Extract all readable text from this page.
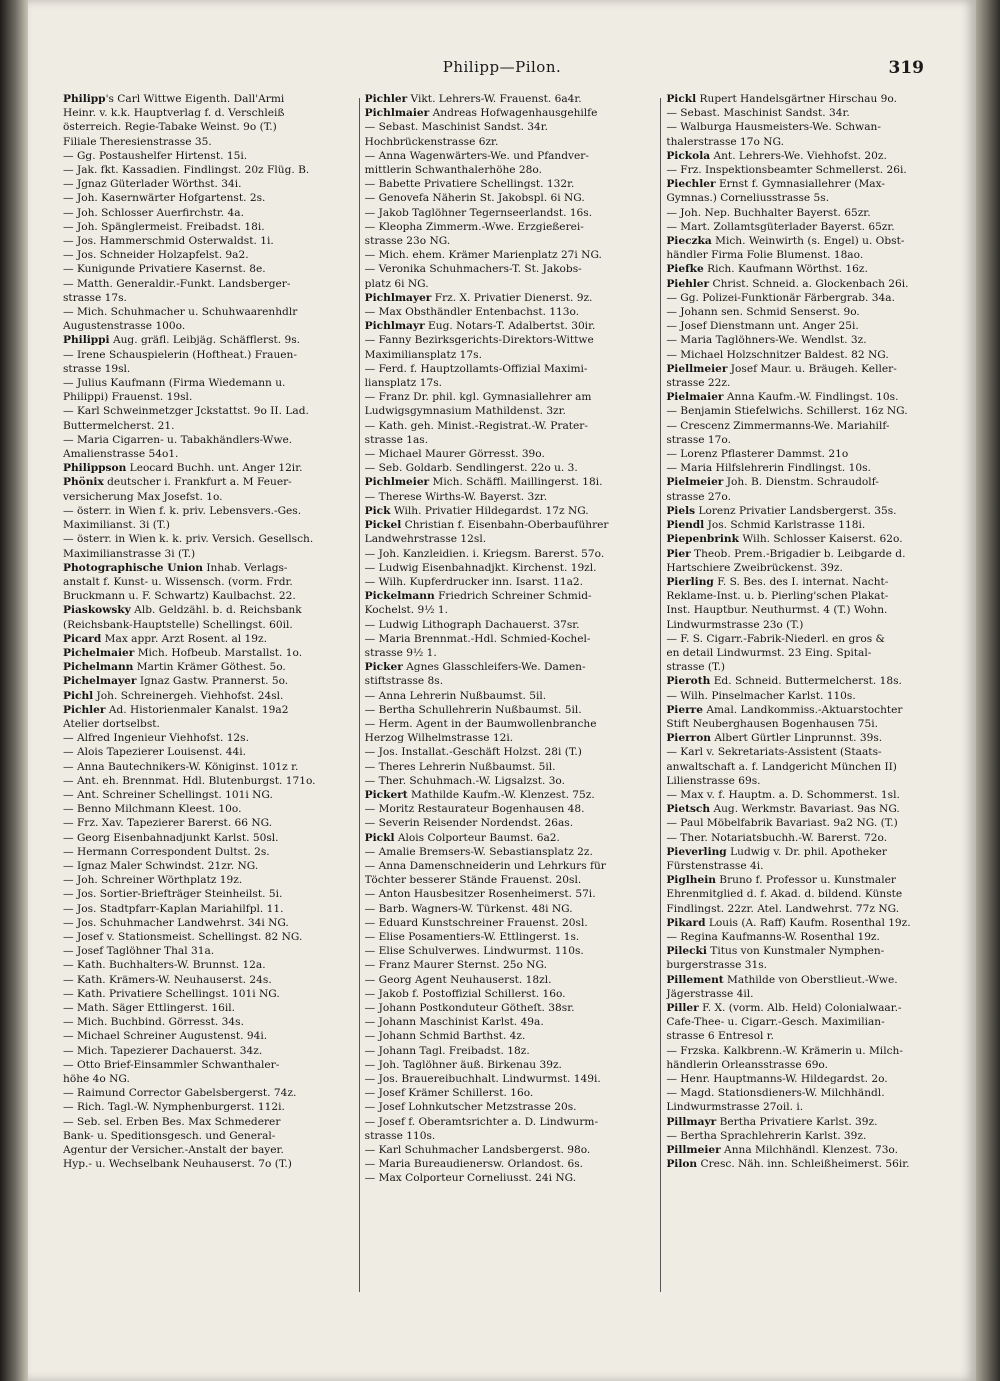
Philipp—Pilon.	319
Philipp's Carl Wittwe Eigenth. Dall'Armi
Heinr. v. k.k. Hauptverlag f. d. Verschleiß
österreich. Regie-Tabake Weinst. 9o (T.)
Filiale Theresienstrasse 35.
— Gg. Postaushelfer Hirtenst. 15i.
— Jak. fkt. Kassadien. Findlingst. 20z Flüg. B.
— Jgnaz Güterlader Wörthst. 34i.
— Joh. Kasernwärter Hofgartenst. 2s.
— Joh. Schlosser Auerfirchstr. 4a.
— Joh. Spänglermeist. Freibadst. 18i.
— Jos. Hammerschmid Osterwaldst. 1i.
— Jos. Schneider Holzapfelst. 9a2.
— Kunigunde Privatiere Kasernst. 8e.
— Matth. Generaldir.-Funkt. Landsberger-
strasse 17s.
— Mich. Schuhmacher u. Schuhwaarenhdlr
Augustenstrasse 100o.
Philippi Aug. gräfl. Leibjäg. Schäfflerst. 9s.
— Irene Schauspielerin (Hoftheat.) Frauen-
strasse 19sl.
— Julius Kaufmann (Firma Wiedemann u.
Philippi) Frauenst. 19sl.
— Karl Schweinmetzger Jckstattst. 9o II. Lad.
Buttermelcherst. 21.
— Maria Cigarren- u. Tabakhändlers-Wwe.
Amalienstrasse 54o1.
Philippson Leocard Buchh. unt. Anger 12ir.
Phönix deutscher i. Frankfurt a. M Feuer-
versicherung Max Josefst. 1o.
— österr. in Wien f. k. priv. Lebensvers.-Ges.
Maximilianst. 3i (T.)
— österr. in Wien k. k. priv. Versich. Gesellsch.
Maximilianstrasse 3i (T.)
Photographische Union Inhab. Verlags-
anstalt f. Kunst- u. Wissensch. (vorm. Frdr.
Bruckmann u. F. Schwartz) Kaulbachst. 22.
Piaskowsky Alb. Geldzähl. b. d. Reichsbank
(Reichsbank-Hauptstelle) Schellingst. 60il.
Picard Max appr. Arzt Rosent. al 19z.
Pichelmaier Mich. Hofbeub. Marstallst. 1o.
Pichelmann Martin Krämer Göthest. 5o.
Pichelmayer Ignaz Gastw. Prannerst. 5o.
Pichl Joh. Schreinergeh. Viehhofst. 24sl.
Pichler Ad. Historienmaler Kanalst. 19a2
Atelier dortselbst.
— Alfred Ingenieur Viehhofst. 12s.
— Alois Tapezierer Louisenst. 44i.
— Anna Bautechnikers-W. Königinst. 101z r.
— Ant. eh. Brennmat. Hdl. Blutenburgst. 171o.
— Ant. Schreiner Schellingst. 101i NG.
— Benno Milchmann Kleest. 10o.
— Frz. Xav. Tapezierer Barerst. 66 NG.
— Georg Eisenbahnadjunkt Karlst. 50sl.
— Hermann Correspondent Dultst. 2s.
— Ignaz Maler Schwindst. 21zr. NG.
— Joh. Schreiner Wörthplatz 19z.
— Jos. Sortier-Briefträger Steinheilst. 5i.
— Jos. Stadtpfarr-Kaplan Mariahilfpl. 11.
— Jos. Schuhmacher Landwehrst. 34i NG.
— Josef v. Stationsmeist. Schellingst. 82 NG.
— Josef Taglöhner Thal 31a.
— Kath. Buchhalters-W. Brunnst. 12a.
— Kath. Krämers-W. Neuhauserst. 24s.
— Kath. Privatiere Schellingst. 101i NG.
— Math. Säger Ettlingerst. 16il.
— Mich. Buchbind. Görresst. 34s.
— Michael Schreiner Augustenst. 94i.
— Mich. Tapezierer Dachauerst. 34z.
— Otto Brief-Einsammler Schwanthaler-
höhe 4o NG.
— Raimund Corrector Gabelsbergerst. 74z.
— Rich. Tagl.-W. Nymphenburgerst. 112i.
— Seb. sel. Erben Bes. Max Schmederer
Bank- u. Speditionsgesch. und General-
Agentur der Versicher.-Anstalt der bayer.
Hyp.- u. Wechselbank Neuhauserst. 7o (T.)
Pichler Vikt. Lehrers-W. Frauenst. 6a4r.
Pichlmaier Andreas Hofwagenhausgehilfe
— Sebast. Maschinist Sandst. 34r.
Hochbrückenstrasse 6zr.
— Anna Wagenwärters-We. und Pfandver-
mittlerin Schwanthalerhöhe 28o.
— Babette Privatiere Schellingst. 132r.
— Genovefa Näherin St. Jakobspl. 6i NG.
— Jakob Taglöhner Tegernseerlandst. 16s.
— Kleopha Zimmerm.-Wwe. Erzgießerei-
strasse 23o NG.
— Mich. ehem. Krämer Marienplatz 27i NG.
— Veronika Schuhmachers-T. St. Jakobs-
platz 6i NG.
Pichlmayer Frz. X. Privatier Dienerst. 9z.
— Max Obsthändler Entenbachst. 113o.
Pichlmayr Eug. Notars-T. Adalbertst. 30ir.
— Fanny Bezirksgerichts-Direktors-Wittwe
Maximiliansplatz 17s.
— Ferd. f. Hauptzollamts-Offizial Maximi-
liansplatz 17s.
— Franz Dr. phil. kgl. Gymnasiallehrer am
Ludwigsgymnasium Mathildenst. 3zr.
— Kath. geh. Minist.-Registrat.-W. Prater-
strasse 1as.
— Michael Maurer Görresst. 39o.
— Seb. Goldarb. Sendlingerst. 22o u. 3.
Pichlmeier Mich. Schäffl. Maillingerst. 18i.
— Therese Wirths-W. Bayerst. 3zr.
Pick Wilh. Privatier Hildegardst. 17z NG.
Pickel Christian f. Eisenbahn-Oberbauführer
Landwehrstrasse 12sl.
— Joh. Kanzleidien. i. Kriegsm. Barerst. 57o.
— Ludwig Eisenbahnadjkt. Kirchenst. 19zl.
— Wilh. Kupferdrucker inn. Isarst. 11a2.
Pickelmann Friedrich Schreiner Schmid-
Kochelst. 9½ 1.
— Ludwig Lithograph Dachauerst. 37sr.
— Maria Brennmat.-Hdl. Schmied-Kochel-
strasse 9½ 1.
Picker Agnes Glasschleifers-We. Damen-
stiftstrasse 8s.
— Anna Lehrerin Nußbaumst. 5il.
— Bertha Schullehrerin Nußbaumst. 5il.
— Herm. Agent in der Baumwollenbranche
Herzog Wilhelmstrasse 12i.
— Jos. Installat.-Geschäft Holzst. 28i (T.)
— Theres Lehrerin Nußbaumst. 5il.
— Ther. Schuhmach.-W. Ligsalzst. 3o.
Pickert Mathilde Kaufm.-W. Klenzest. 75z.
— Moritz Restaurateur Bogenhausen 48.
— Severin Reisender Nordendst. 26as.
Pickl Alois Colporteur Baumst. 6a2.
— Amalie Bremsers-W. Sebastiansplatz 2z.
— Anna Damenschneiderin und Lehrkurs für
Töchter besserer Stände Frauenst. 20sl.
— Anton Hausbesitzer Rosenheimerst. 57i.
— Barb. Wagners-W. Türkenst. 48i NG.
— Eduard Kunstschreiner Frauenst. 20sl.
— Elise Posamentiers-W. Ettlingerst. 1s.
— Elise Schulverwes. Lindwurmst. 110s.
— Franz Maurer Sternst. 25o NG.
— Georg Agent Neuhauserst. 18zl.
— Jakob f. Postoffizial Schillerst. 16o.
— Johann Postkonduteur Götheſt. 38sr.
— Johann Maschinist Karlst. 49a.
— Johann Schmid Barthst. 4z.
— Johann Tagl. Freibadst. 18z.
— Joh. Taglöhner äuß. Birkenau 39z.
— Jos. Brauereibuchhalt. Lindwurmst. 149i.
— Josef Krämer Schillerst. 16o.
— Josef Lohnkutscher Metzstrasse 20s.
— Josef f. Oberamtsrichter a. D. Lindwurm-
strasse 110s.
— Karl Schuhmacher Landsbergerst. 98o.
— Maria Bureaudienersw. Orlandost. 6s.
— Max Colporteur Corneliusst. 24i NG.
Pickl Rupert Handelsgärtner Hirschau 9o.
— Sebast. Maschinist Sandst. 34r.
— Walburga Hausmeisters-We. Schwan-
thalerstrasse 17o NG.
Pickola Ant. Lehrers-We. Viehhofst. 20z.
— Frz. Inspektionsbeamter Schmellerst. 26i.
Piechler Ernst f. Gymnasiallehrer (Max-
Gymnas.) Corneliusstrasse 5s.
— Joh. Nep. Buchhalter Bayerst. 65zr.
— Mart. Zollamtsgüterlader Bayerst. 65zr.
Pieczka Mich. Weinwirth (s. Engel) u. Obst-
händler Firma Folie Blumenst. 18ao.
Piefke Rich. Kaufmann Wörthst. 16z.
Piehler Christ. Schneid. a. Glockenbach 26i.
— Gg. Polizei-Funktionär Färbergrab. 34a.
— Johann sen. Schmid Senserst. 9o.
— Josef Dienstmann unt. Anger 25i.
— Maria Taglöhners-We. Wendlst. 3z.
— Michael Holzschnitzer Baldest. 82 NG.
Piellmeier Josef Maur. u. Bräugeh. Keller-
strasse 22z.
Pielmaier Anna Kaufm.-W. Findlingst. 10s.
— Benjamin Stiefelwichs. Schillerst. 16z NG.
— Crescenz Zimmermanns-We. Mariahilf-
strasse 17o.
— Lorenz Pflasterer Dammst. 21o
— Maria Hilfslehrerin Findlingst. 10s.
Pielmeier Joh. B. Dienstm. Schraudolf-
strasse 27o.
Piels Lorenz Privatier Landsbergerst. 35s.
Piendl Jos. Schmid Karlstrasse 118i.
Piepenbrink Wilh. Schlosser Kaiserst. 62o.
Pier Theob. Prem.-Brigadier b. Leibgarde d.
Hartschiere Zweibrückenst. 39z.
Pierling F. S. Bes. des I. internat. Nacht-
Reklame-Inst. u. b. Pierling'schen Plakat-
Inst. Hauptbur. Neuthurmst. 4 (T.) Wohn.
Lindwurmstrasse 23o (T.)
— F. S. Cigarr.-Fabrik-Niederl. en gros &
en detail Lindwurmst. 23 Eing. Spital-
strasse (T.)
Pieroth Ed. Schneid. Buttermelcherst. 18s.
— Wilh. Pinselmacher Karlst. 110s.
Pierre Amal. Landkommiss.-Aktuarstochter
Stift Neuberghausen Bogenhausen 75i.
Pierron Albert Gürtler Linprunnst. 39s.
— Karl v. Sekretariats-Assistent (Staats-
anwaltschaft a. f. Landgericht München II)
Lilienstrasse 69s.
— Max v. f. Hauptm. a. D. Schommerst. 1sl.
Pietsch Aug. Werkmstr. Bavariast. 9as NG.
— Paul Möbelfabrik Bavariast. 9a2 NG. (T.)
— Ther. Notariatsbuchh.-W. Barerst. 72o.
Pieverling Ludwig v. Dr. phil. Apotheker
Fürstenstrasse 4i.
Piglhein Bruno f. Professor u. Kunstmaler
Ehrenmitglied d. f. Akad. d. bildend. Künste
Findlingst. 22zr. Atel. Landwehrst. 77z NG.
Pikard Louis (A. Raff) Kaufm. Rosenthal 19z.
— Regina Kaufmanns-W. Rosenthal 19z.
Pilecki Titus von Kunstmaler Nymphen-
burgerstrasse 31s.
Pillement Mathilde von Oberstlieut.-Wwe.
Jägerstrasse 4il.
Piller F. X. (vorm. Alb. Held) Colonialwaar.-
Cafe-Thee- u. Cigarr.-Gesch. Maximilian-
strasse 6 Entresol r.
— Frzska. Kalkbrenn.-W. Krämerin u. Milch-
händlerin Orleansstrasse 69o.
— Henr. Hauptmanns-W. Hildegardst. 2o.
— Magd. Stationsdieners-W. Milchhändl.
Lindwurmstrasse 27oil. i.
Pillmayr Bertha Privatiere Karlst. 39z.
— Bertha Sprachlehrerin Karlst. 39z.
Pillmeier Anna Milchhändl. Klenzest. 73o.
Pilon Cresc. Näh. inn. Schleißheimerst. 56ir.
